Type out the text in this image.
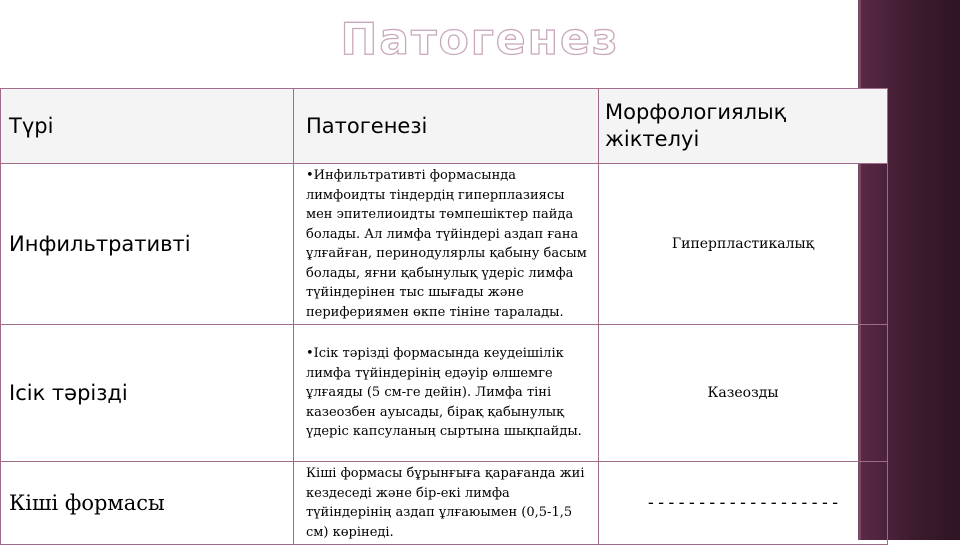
Патогенез
Түрі	Патогенезі	Морфологиялық жіктелуі
Инфильтративті	•Инфильтративті формасында лимфоидты тіндердің гиперплазиясы мен эпителиоидты төмпешіктер пайда болады. Ал лимфа түйіндері аздап ғана ұлғайған, перинодулярлы қабыну басым болады, яғни қабынулық үдеріс лимфа түйіндерінен тыс шығады және перифериямен өкпе тініне таралады.	Гиперпластикалық
Ісік тәрізді	•Ісік тәрізді формасында кеудеішілік лимфа түйіндерінің едәуір өлшемге ұлғаяды (5 см-ге дейін). Лимфа тіні казеозбен ауысады, бірақ қабынулық үдеріс капсуланың сыртына шықпайды.	Казеозды
Кіші формасы	Кіші формасы бұрынғыға қарағанда жиі кездеседі және бір-екі лимфа түйіндерінің аздап ұлғаюымен (0,5-1,5 см) көрінеді.	-------------------
